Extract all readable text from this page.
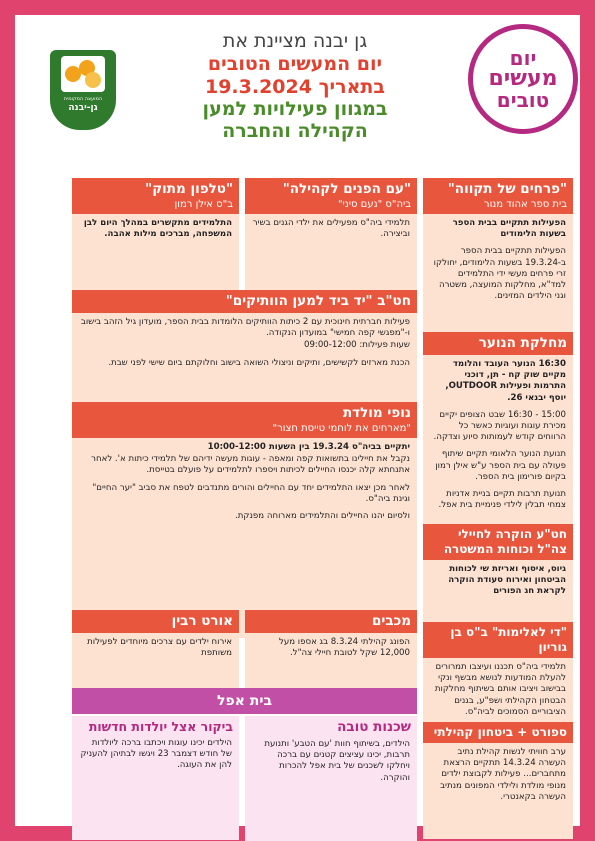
יום
מעשים
טובים
גן יבנה מציינת את
יום המעשים הטובים
בתאריך 19.3.2024
במגוון פעילויות למען
הקהילה והחברה
המועצה המקומית
גן-יבנה
"פרחים של תקווה"
בית ספר אהוד מנור

הפעילות תתקיים בבית הספר בשעות הלימודים

הפעילות תתקיים בבית הספר ב-19.3.24 בשעות הלימודים, יחולקו זרי פרחים מעשי ידי התלמידים למד"א, מחלקות המועצה, משטרה וגני הילדים המזינים.

"עם הפנים לקהילה"
ביה"ס "נעם סיני"

תלמידי ביה"ס מפעילים את ילדי הגנים בשיר וביצירה.

"טלפון מתוק"
ב"ס אילן רמון

התלמידים מתקשרים במהלך היום לבן המשפחה, מברכים מילות אהבה.

חט"ב "יד ביד למען הוותיקים"

פעילות חברתית חינוכית עם 2 כיתות הוותיקים הלומדות בבית הספר, מועדון גיל הזהב בישוב ו-"מפגשי קפה חמישי" במועדון הנקודה.

שעות פעילות: 09:00-12:00

הכנת מארזים לקשישים, ותיקים וניצולי השואה בישוב וחלוקתם ביום שישי לפני שבת.

מחלקת הנוער

16:30 הנוער העובד והלומד מקיים שוק קח - תן, דוכני התרמות ופעילות OUTDOOR, יוסף יבנאי 26.

15:00 - 16:30 שבט הצופים יקיים מכירת עוגות ועוגיות כאשר כל הרווחים קודש לעמותות סיוע וצדקה.

תנועת הנוער הלאומי תקיים שיתוף פעולה עם בית הספר ע"ש אילן רמון בקיום פורימון בית הספר.

תנועת תרבות תקיים בניית אדניות צמחי תבלין לילדי פנימיית בית אפל.

נופי מולדת
"מארחים את לוחמי טייסת חצור"

יתקיים בביה"ס 19.3.24 בין השעות 10:00-12:00

נקבל את חיילינו בתשואות קפה ומאפה - עוגות מעשה ידיהם של תלמידי כיתות א'. לאחר אתנחתא קלה יכנסו החיילים לכיתות ויספרו לתלמידים על פועלם בטייסת.

לאחר מכן יצאו התלמידים יחד עם החיילים והורים מתנדבים לטפח את סביב "יער החיים" וגינת ביה"ס.

ולסיום יהנו החיילים והתלמידים מארוחה מפנקת.

חט"ע הוקרה לחיילי צה"ל וכוחות המשטרה

גיוס, איסוף ואריזת שי לכוחות הביטחון ואירוח סעודת הוקרה לקראת חג הפורים

מכבים

הפונג קהילתי 8.3.24 בג אספו מעל 12,000 שקל לטובת חיילי צה"ל.

אורט רבין

אירוח ילדים עם צרכים מיוחדים לפעילות משותפת

"די לאלימות" ב"ס בן גוריון

תלמידי ביה"ס תכננו ועיצבו תמרורים להעלת המודעות לנושא מבשף ונקי בבישוב ויציבו אותם בשיתוף מחלקות הבטחון הקהילתי ושפ"ע, בגנים הציבוריים הסמוכים לביה"ס.

ספורט + ביטחון קהילתי

ערב חוויתי לנשות קהילת נתיב העשרה 14.3.24 תתקיים הרצאת מתחברים... פעילות לקבוצת ילדים מנופי מולדת ולילדי המפונים מנתיב העשרה בקאנטרי.

בית אפל
שכנות טובה

הילדים, בשיתוף חוות 'עם הטבע' ותנועת תרבות, יכינו עציצים קטנים עם ברכה ויחלקו לשכנים של בית אפל להכרות והוקרה.

ביקור אצל יולדות חדשות

הילדים יכינו עוגות ויכתבו ברכה ליולדות של חודש דצמבר 23 ויגשו לבתיהן להעניק להן את העוגה.
